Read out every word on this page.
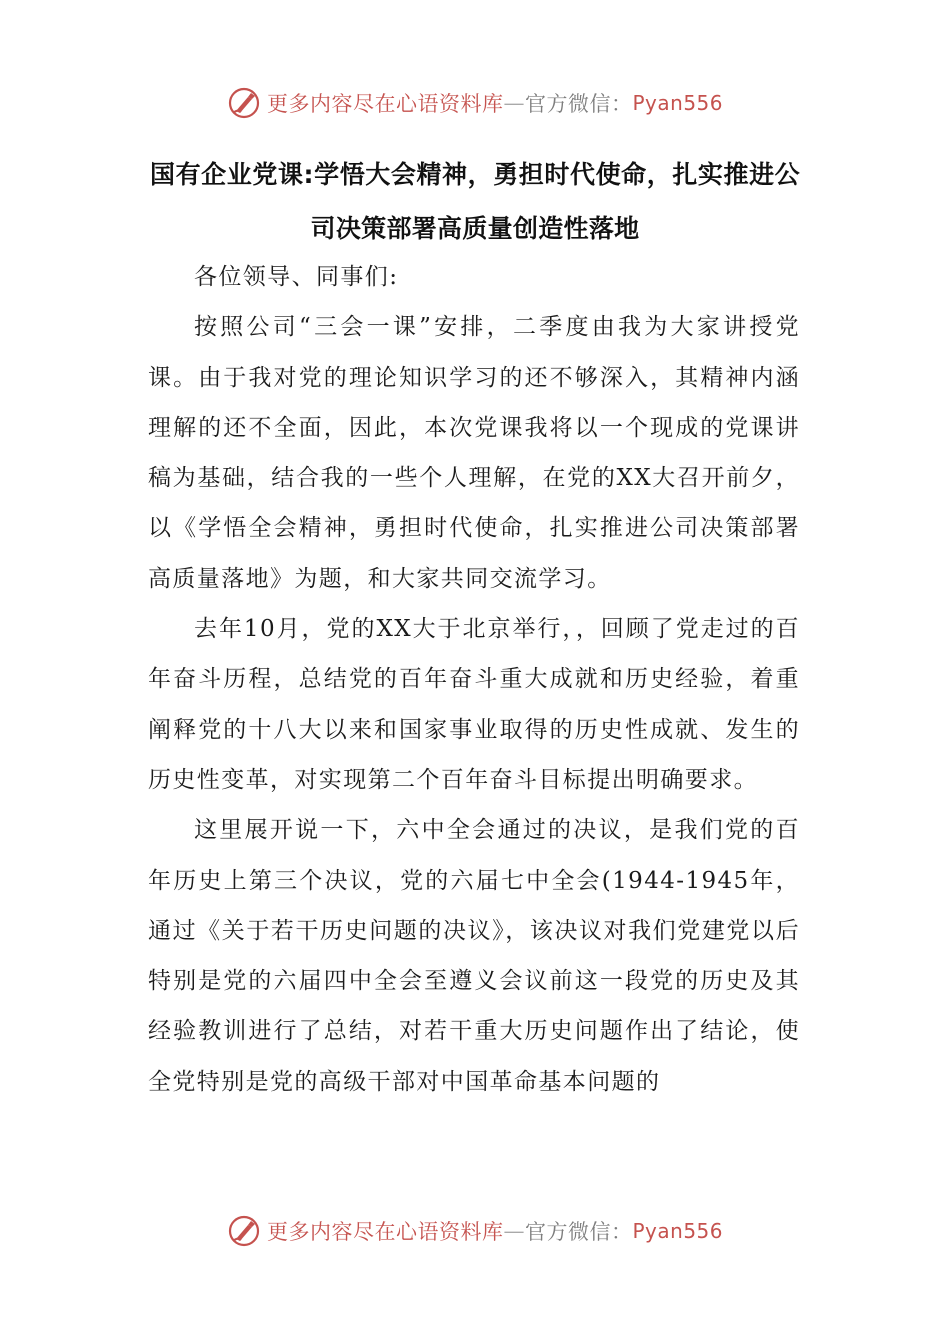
更多内容尽在心语资料库 — 官方微信： Pyan556
国有企业党课:学悟大会精神，勇担时代使命，扎实推进公司决策部署高质量创造性落地

各位领导、同事们:

按照公司“三会一课”安排，二季度由我为大家讲授党课。由于我对党的理论知识学习的还不够深入，其精神内涵理解的还不全面，因此，本次党课我将以一个现成的党课讲稿为基础，结合我的一些个人理解，在党的XX大召开前夕，以《学悟全会精神，勇担时代使命，扎实推进公司决策部署高质量落地》为题，和大家共同交流学习。

去年10月，党的XX大于北京举行，，回顾了党走过的百年奋斗历程，总结党的百年奋斗重大成就和历史经验，着重阐释党的十八大以来和国家事业取得的历史性成就、发生的历史性变革，对实现第二个百年奋斗目标提出明确要求。

这里展开说一下，六中全会通过的决议，是我们党的百年历史上第三个决议，党的六届七中全会(1944-1945年，通过《关于若干历史问题的决议》，该决议对我们党建党以后特别是党的六届四中全会至遵义会议前这一段党的历史及其经验教训进行了总结，对若干重大历史问题作出了结论，使全党特别是党的高级干部对中国革命基本问题的

更多内容尽在心语资料库 — 官方微信： Pyan556
